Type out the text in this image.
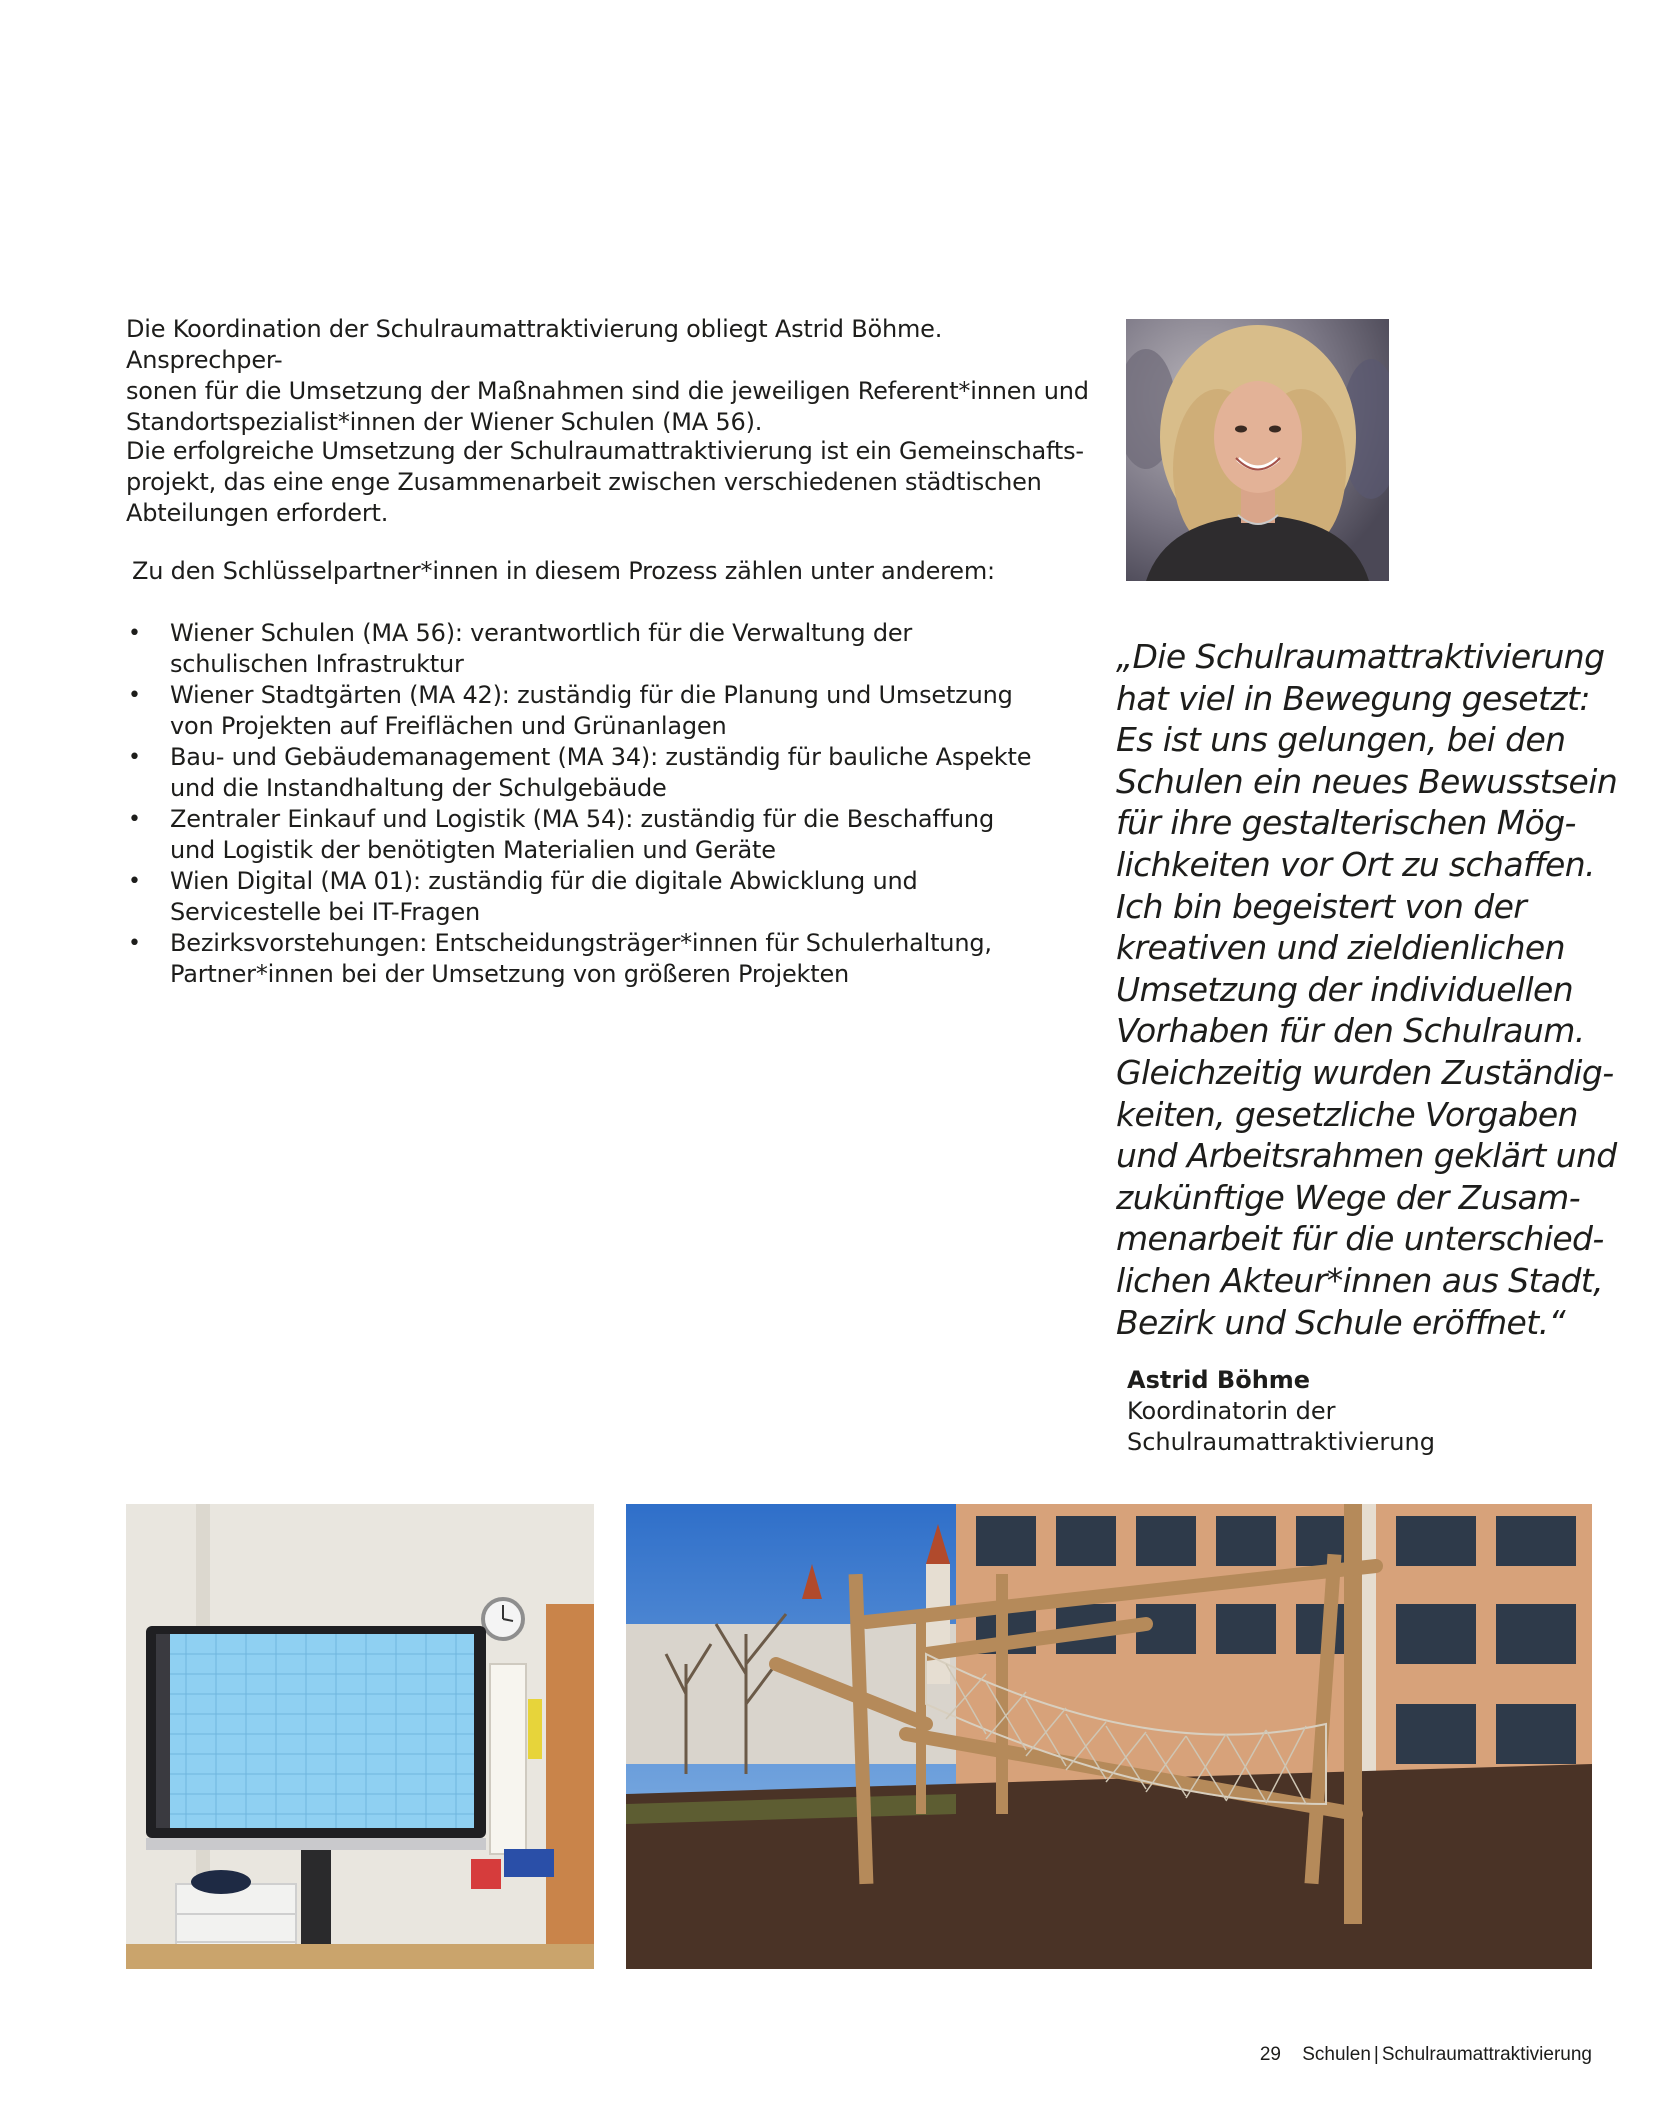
Die Koordination der Schulraumattraktivierung obliegt Astrid Böhme. Ansprechper-
sonen für die Umsetzung der Maßnahmen sind die jeweiligen Referent*innen und
Standortspezialist*innen der Wiener Schulen (MA 56).

Die erfolgreiche Umsetzung der Schulraumattraktivierung ist ein Gemeinschafts-
projekt, das eine enge Zusammenarbeit zwischen verschiedenen städtischen
Abteilungen erfordert.

Zu den Schlüsselpartner*innen in diesem Prozess zählen unter anderem:

• Wiener Schulen (MA 56): verantwortlich für die Verwaltung der
schulischen Infrastruktur
• Wiener Stadtgärten (MA 42): zuständig für die Planung und Umsetzung
von Projekten auf Freiflächen und Grünanlagen
• Bau- und Gebäudemanagement (MA 34): zuständig für bauliche Aspekte
und die Instandhaltung der Schulgebäude
• Zentraler Einkauf und Logistik (MA 54): zuständig für die Beschaffung
und Logistik der benötigten Materialien und Geräte
• Wien Digital (MA 01): zuständig für die digitale Abwicklung und
Servicestelle bei IT-Fragen
• Bezirksvorstehungen: Entscheidungsträger*innen für Schulerhaltung,
Partner*innen bei der Umsetzung von größeren Projekten

„Die Schulraumattraktivierung
hat viel in Bewegung gesetzt:
Es ist uns gelungen, bei den
Schulen ein neues Bewusstsein
für ihre gestalterischen Mög-
lichkeiten vor Ort zu schaffen.
Ich bin begeistert von der
kreativen und zieldienlichen
Umsetzung der individuellen
Vorhaben für den Schulraum.
Gleichzeitig wurden Zuständig-
keiten, gesetzliche Vorgaben
und Arbeitsrahmen geklärt und
zukünftige Wege der Zusam-
menarbeit für die unterschied-
lichen Akteur*innen aus Stadt,
Bezirk und Schule eröffnet.“

Astrid Böhme

Koordinatorin der
Schulraumattraktivierung

29 Schulen | Schulraumattraktivierung
